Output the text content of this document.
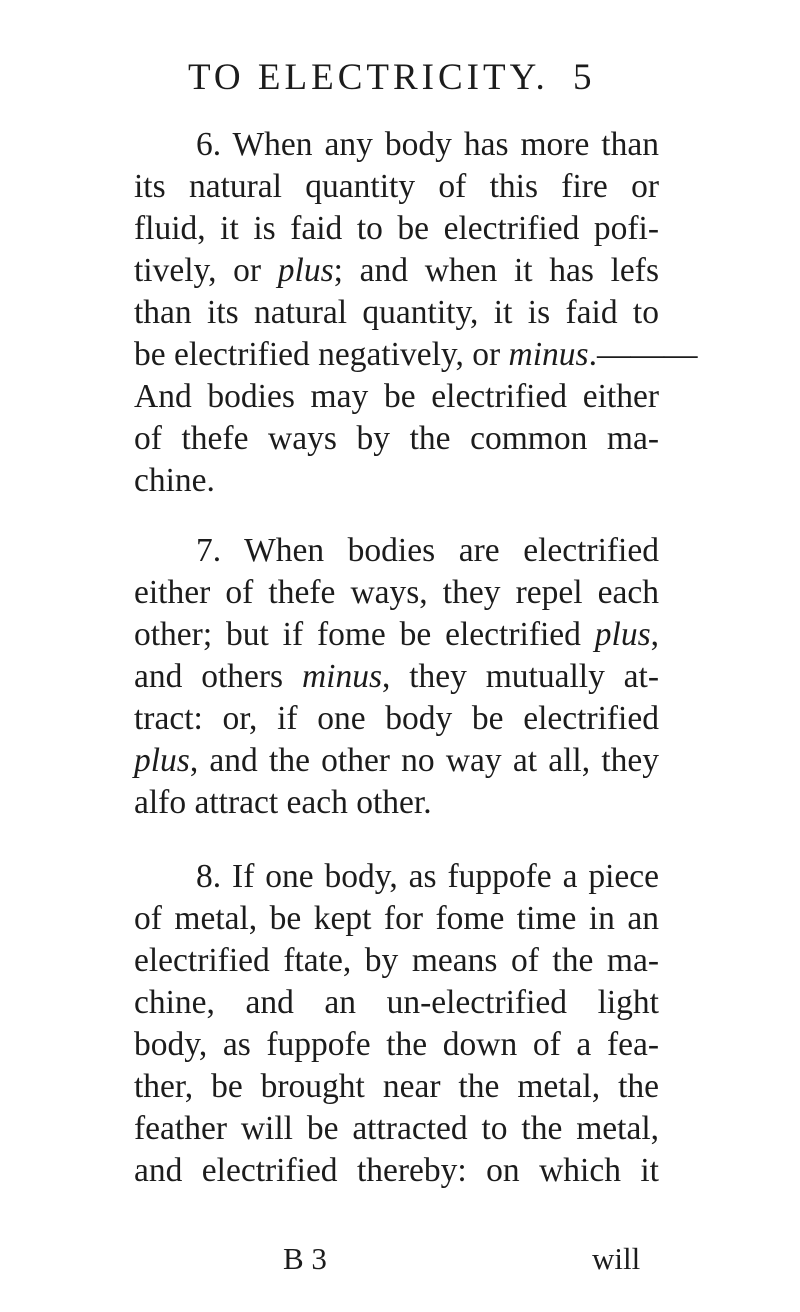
TO ELECTRICITY. 5
6. When any body has more than
its natural quantity of this fire or
fluid, it is faid to be electrified pofi-
tively, or plus; and when it has lefs
than its natural quantity, it is faid to
be electrified negatively, or minus.———
And bodies may be electrified either
of thefe ways by the common ma-
chine.
7. When bodies are electrified
either of thefe ways, they repel each
other; but if fome be electrified plus,
and others minus, they mutually at-
tract: or, if one body be electrified
plus, and the other no way at all, they
alfo attract each other.
8. If one body, as fuppofe a piece
of metal, be kept for fome time in an
electrified ftate, by means of the ma-
chine, and an un-electrified light
body, as fuppofe the down of a fea-
ther, be brought near the metal, the
feather will be attracted to the metal,
and electrified thereby: on which it
B 3	will
